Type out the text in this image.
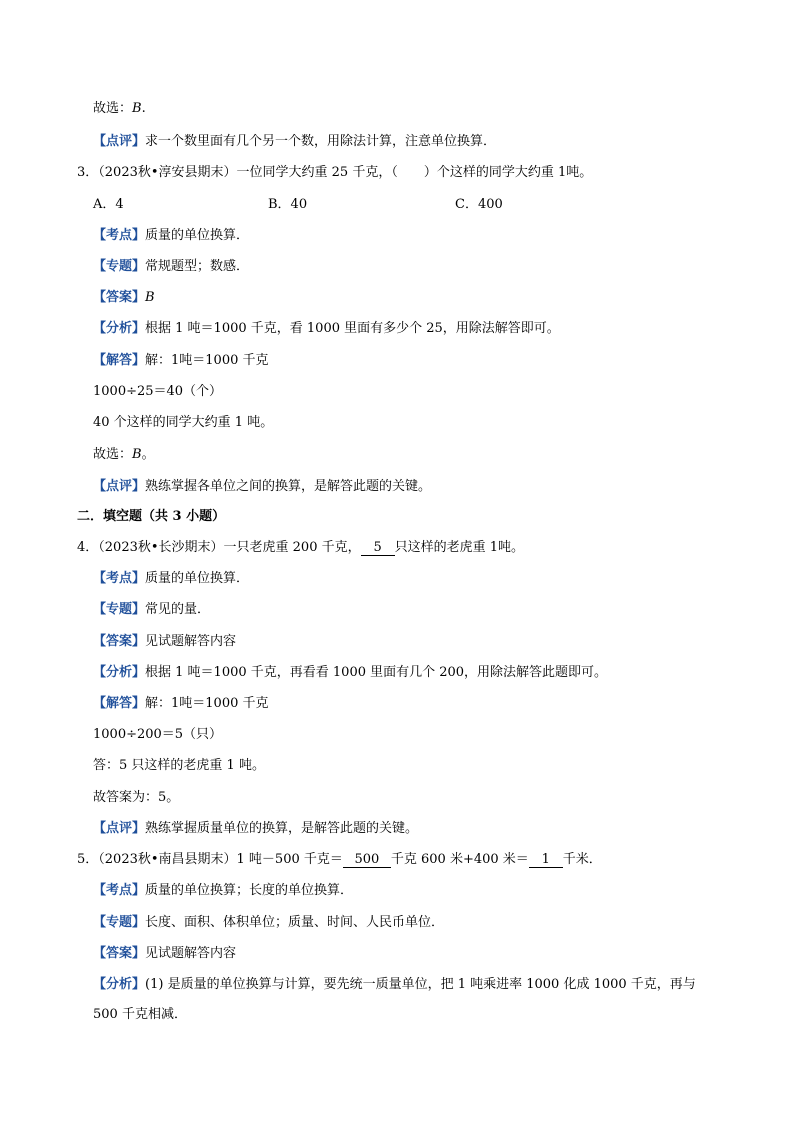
故选：B.
【点评】求一个数里面有几个另一个数，用除法计算，注意单位换算．
3．（2023秋•淳安县期末）一位同学大约重 25 千克，（　　）个这样的同学大约重 1吨。
A．4	B．40	C．400
【考点】质量的单位换算．
【专题】常规题型；数感．
【答案】B
【分析】根据 1 吨＝1000 千克，看 1000 里面有多少个 25，用除法解答即可。
【解答】解：1吨＝1000 千克
1000÷25＝40（个）
40 个这样的同学大约重 1 吨。
故选：B。
【点评】熟练掌握各单位之间的换算，是解答此题的关键。
二．填空题（共 3 小题）
4．（2023秋•长沙期末）一只老虎重 200 千克， 5 只这样的老虎重 1吨。
【考点】质量的单位换算．
【专题】常见的量．
【答案】见试题解答内容
【分析】根据 1 吨＝1000 千克，再看看 1000 里面有几个 200，用除法解答此题即可。
【解答】解：1吨＝1000 千克
1000÷200＝5（只）
答：5 只这样的老虎重 1 吨。
故答案为：5。
【点评】熟练掌握质量单位的换算，是解答此题的关键。
5．（2023秋•南昌县期末）1 吨－500 千克＝ 500 千克 600 米+400 米＝ 1 千米．
【考点】质量的单位换算；长度的单位换算．
【专题】长度、面积、体积单位；质量、时间、人民币单位．
【答案】见试题解答内容
【分析】(1) 是质量的单位换算与计算，要先统一质量单位，把 1 吨乘进率 1000 化成 1000 千克，再与
500 千克相减．
